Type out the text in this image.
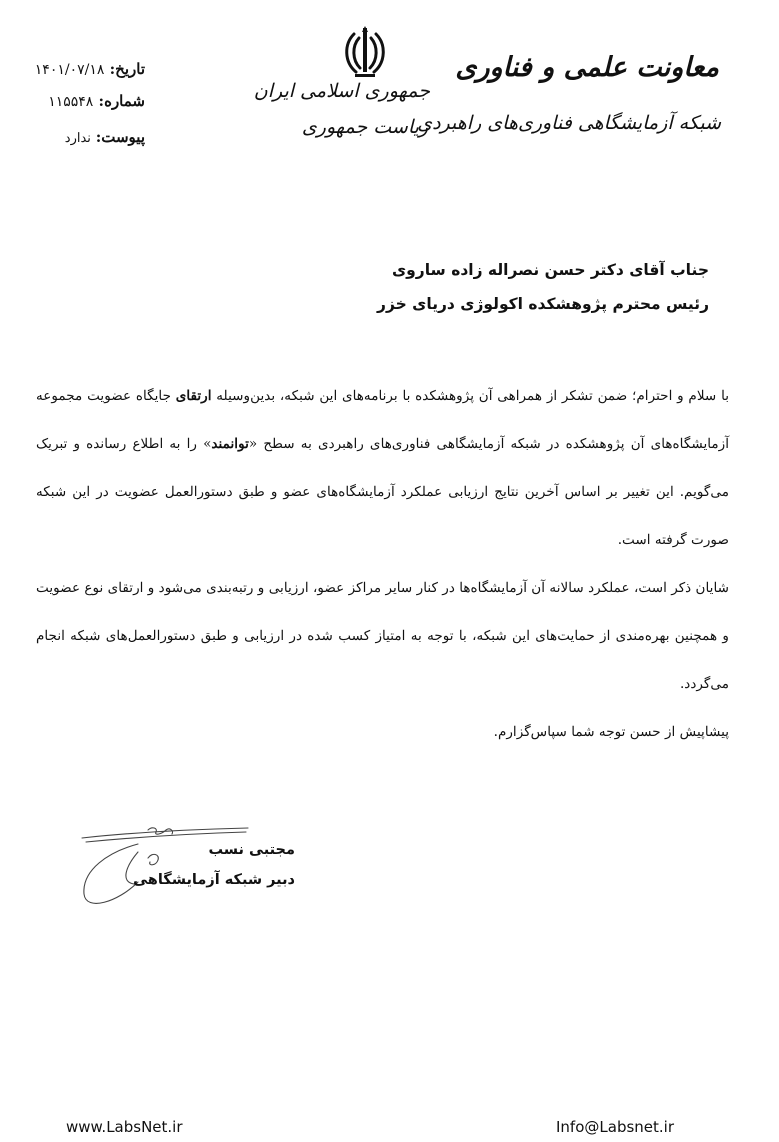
معاونت علمی و فناوری
شبکه آزمایشگاهی فناوری‌های راهبردی
جمهوری اسلامی ایران
ریاست جمهوری
تاریخ: ۱۴۰۱/۰۷/۱۸
شماره: ۱۱۵۵۴۸
پیوست: ندارد
جناب آقای دکتر حسن نصراله زاده ساروی
رئیس محترم پژوهشکده اکولوژی دریای خزر

با سلام و احترام؛ ضمن تشکر از همراهی آن پژوهشکده با برنامه‌های این شبکه، بدین‌وسیله ارتقای جایگاه عضویت مجموعه آزمایشگاه‌های آن پژوهشکده در شبکه آزمایشگاهی فناوری‌های راهبردی به سطح «توانمند» را به اطلاع رسانده و تبریک می‌گویم. این تغییر بر اساس آخرین نتایج ارزیابی عملکرد آزمایشگاه‌های عضو و طبق دستورالعمل عضویت در این شبکه صورت گرفته است.

شایان ذکر است، عملکرد سالانه آن آزمایشگاه‌ها در کنار سایر مراکز عضو، ارزیابی و رتبه‌بندی می‌شود و ارتقای نوع عضویت و همچنین بهره‌مندی از حمایت‌های این شبکه، با توجه به امتیاز کسب شده در ارزیابی و طبق دستورالعمل‌های شبکه انجام می‌گردد.

پیشاپیش از حسن توجه شما سپاس‌گزارم.

مجتبی نسب
دبیر شبکه آزمایشگاهی
www.LabsNet.ir	Info@Labsnet.ir
